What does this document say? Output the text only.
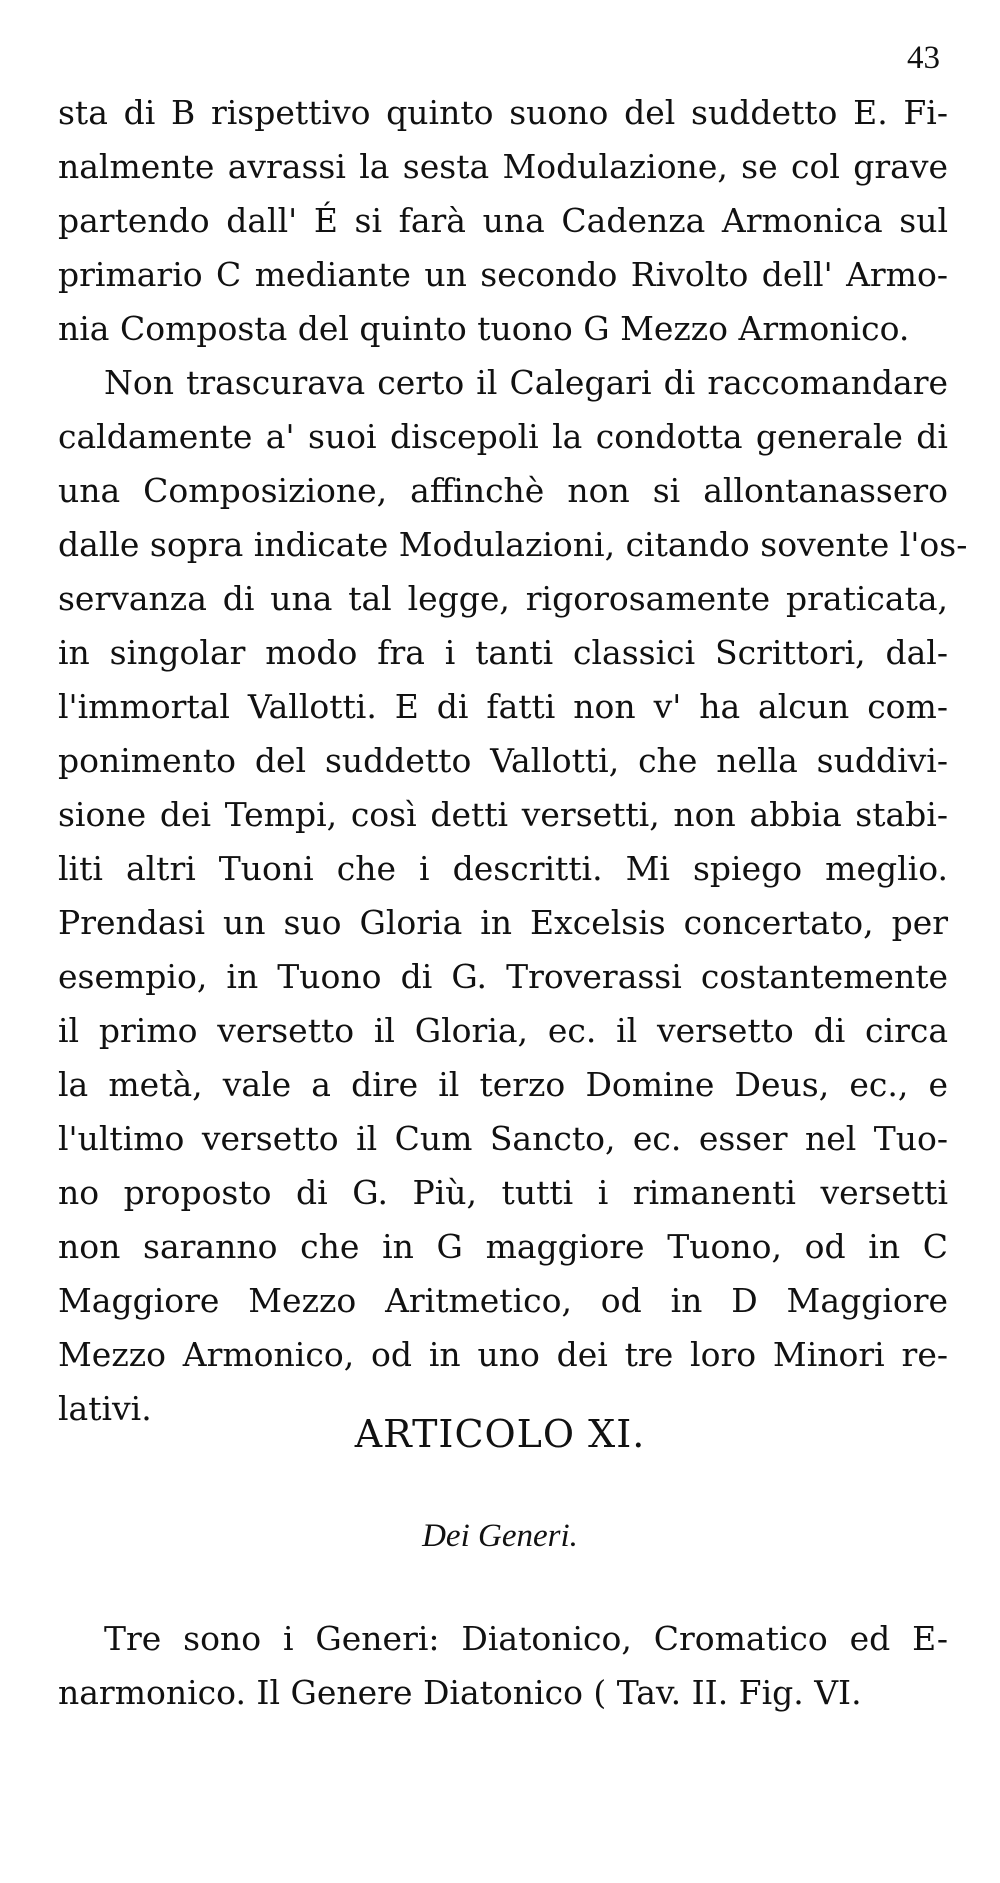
43
sta di B rispettivo quinto suono del suddetto E. Fi-
nalmente avrassi la sesta Modulazione, se col grave
partendo dall' É si farà una Cadenza Armonica sul
primario C mediante un secondo Rivolto dell' Armo-
nia Composta del quinto tuono G Mezzo Armonico.
Non trascurava certo il Calegari di raccomandare
caldamente a' suoi discepoli la condotta generale di
una Composizione, affinchè non si allontanassero
dalle sopra indicate Modulazioni, citando sovente l'os-
servanza di una tal legge, rigorosamente praticata,
in singolar modo fra i tanti classici Scrittori, dal-
l'immortal Vallotti. E di fatti non v' ha alcun com-
ponimento del suddetto Vallotti, che nella suddivi-
sione dei Tempi, così detti versetti, non abbia stabi-
liti altri Tuoni che i descritti. Mi spiego meglio.
Prendasi un suo Gloria in Excelsis concertato, per
esempio, in Tuono di G. Troverassi costantemente
il primo versetto il Gloria, ec. il versetto di circa
la metà, vale a dire il terzo Domine Deus, ec., e
l'ultimo versetto il Cum Sancto, ec. esser nel Tuo-
no proposto di G. Più, tutti i rimanenti versetti
non saranno che in G maggiore Tuono, od in C
Maggiore Mezzo Aritmetico, od in D Maggiore
Mezzo Armonico, od in uno dei tre loro Minori re-
lativi.
ARTICOLO XI.
Dei Generi.
Tre sono i Generi: Diatonico, Cromatico ed E-
narmonico. Il Genere Diatonico ( Tav. II. Fig. VI.
